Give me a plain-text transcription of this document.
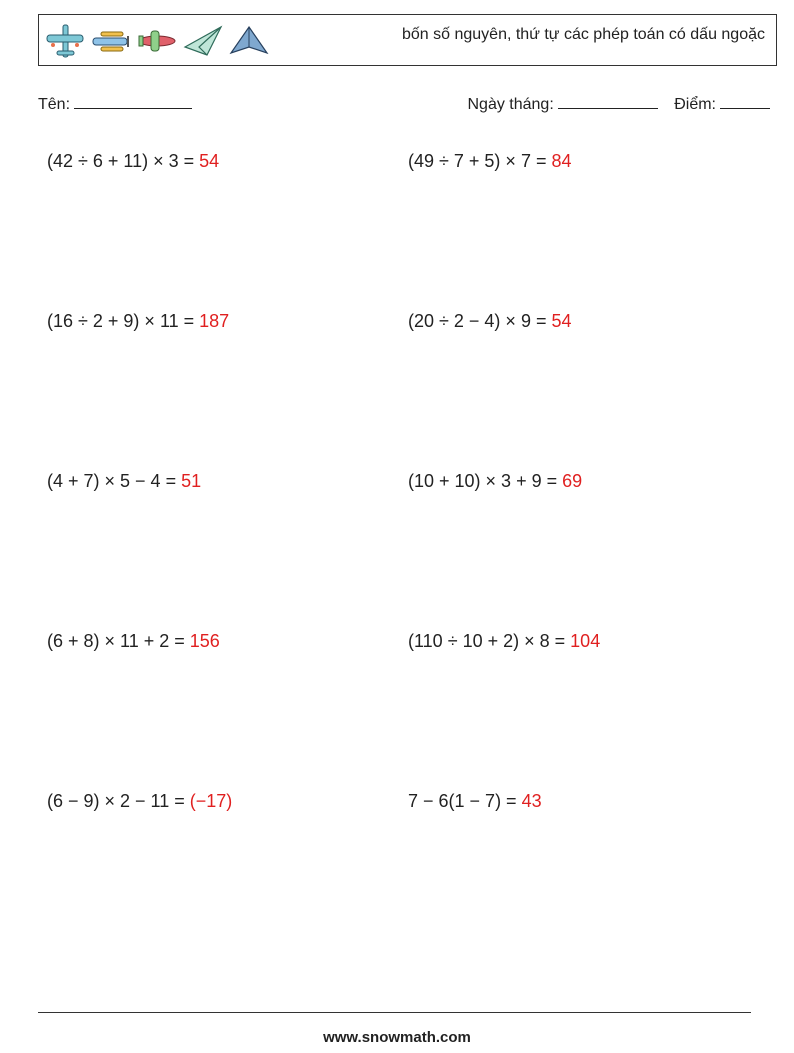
bốn số nguyên, thứ tự các phép toán có dấu ngoặc
Tên:	Ngày tháng:	Điểm:
(42 ÷ 6 + 11) × 3 = 54	(49 ÷ 7 + 5) × 7 = 84
(16 ÷ 2 + 9) × 11 = 187	(20 ÷ 2 − 4) × 9 = 54
(4 + 7) × 5 − 4 = 51	(10 + 10) × 3 + 9 = 69
(6 + 8) × 11 + 2 = 156	(110 ÷ 10 + 2) × 8 = 104
(6 − 9) × 2 − 11 = (−17)	7 − 6(1 − 7) = 43
www.snowmath.com
